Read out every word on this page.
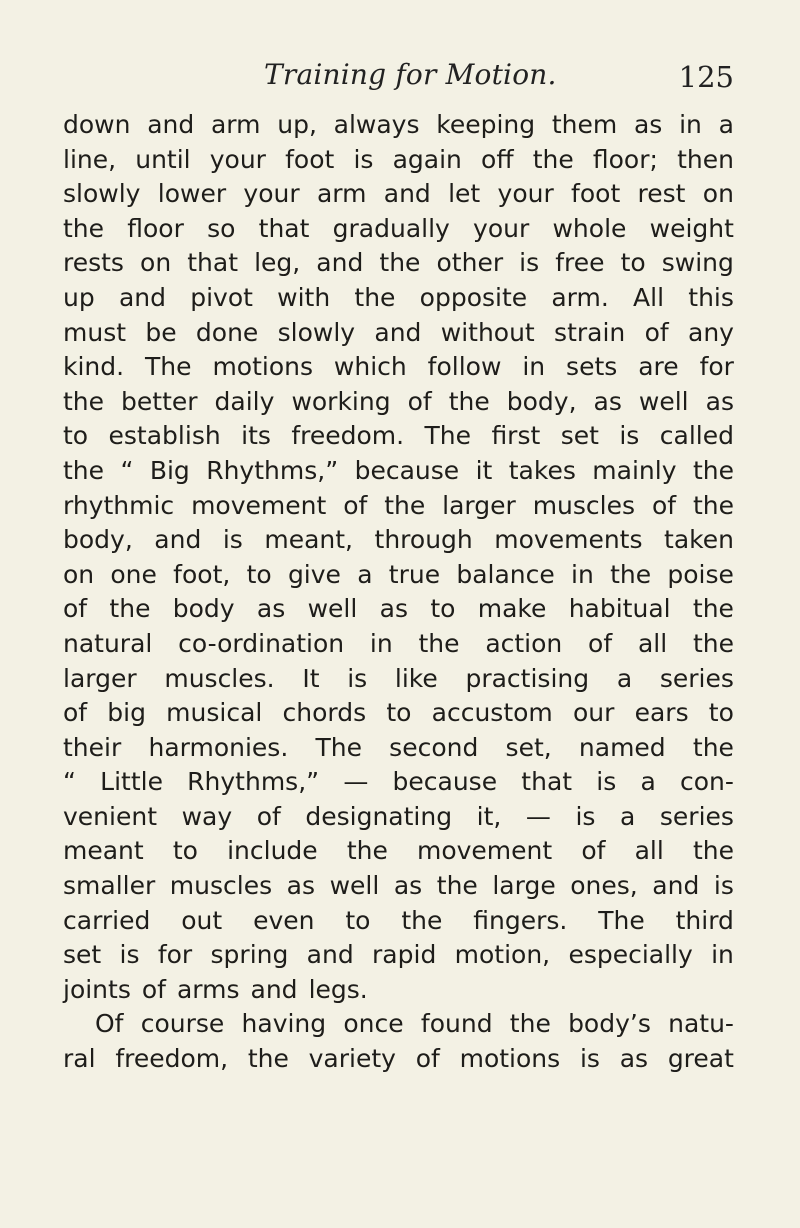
Training for Motion.	125
down and arm up, always keeping them as in a
line, until your foot is again off the floor; then
slowly lower your arm and let your foot rest on
the floor so that gradually your whole weight
rests on that leg, and the other is free to swing
up and pivot with the opposite arm. All this
must be done slowly and without strain of any
kind. The motions which follow in sets are for
the better daily working of the body, as well as
to establish its freedom. The first set is called
the “ Big Rhythms,” because it takes mainly the
rhythmic movement of the larger muscles of the
body, and is meant, through movements taken
on one foot, to give a true balance in the poise
of the body as well as to make habitual the
natural co-ordination in the action of all the
larger muscles. It is like practising a series
of big musical chords to accustom our ears to
their harmonies. The second set, named the
“ Little Rhythms,” — because that is a con-
venient way of designating it, — is a series
meant to include the movement of all the
smaller muscles as well as the large ones, and is
carried out even to the fingers. The third
set is for spring and rapid motion, especially in
joints of arms and legs.
Of course having once found the body’s natu-
ral freedom, the variety of motions is as great
